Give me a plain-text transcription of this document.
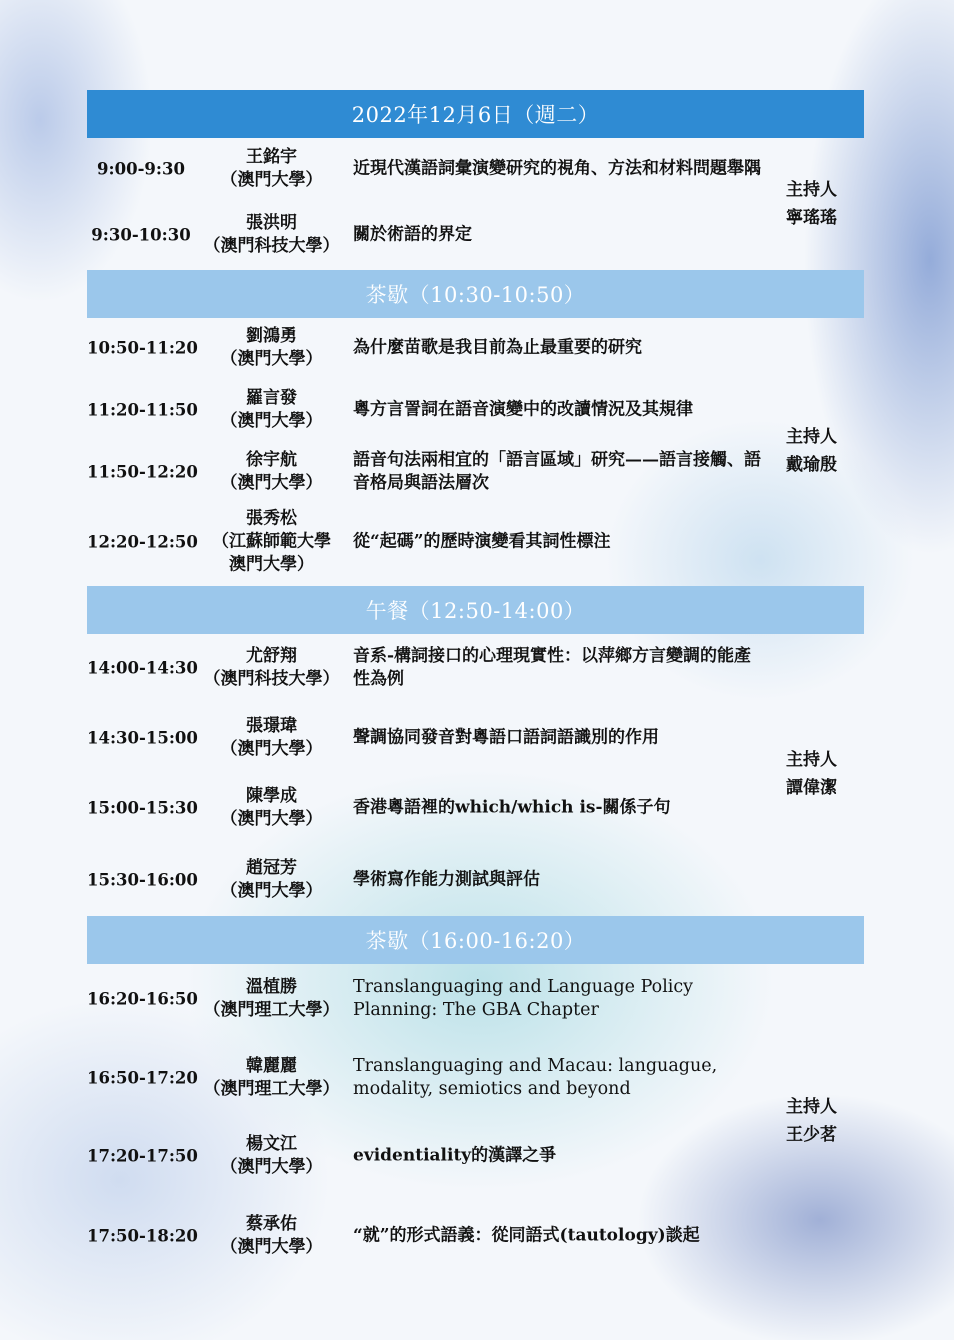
2022年12月6日（週二）
9:00-9:30
王銘宇
（澳門大學）
近現代漢語詞彙演變研究的視角、方法和材料問題舉隅
9:30-10:30
張洪明
（澳門科技大學）
關於術語的界定
主持人
寧瑤瑤
茶歇（10:30-10:50）
10:50-11:20
劉鴻勇
（澳門大學）
為什麼苗歌是我目前為止最重要的研究
11:20-11:50
羅言發
（澳門大學）
粵方言詈詞在語音演變中的改讀情況及其規律
11:50-12:20
徐宇航
（澳門大學）
語音句法兩相宜的「語言區域」研究——語言接觸、語音格局與語法層次
12:20-12:50
張秀松
（江蘇師範大學
澳門大學）
從“起碼”的歷時演變看其詞性標注
主持人
戴瑜殷
午餐（12:50-14:00）
14:00-14:30
尤舒翔
（澳門科技大學）
音系-構詞接口的心理現實性：以萍鄉方言變調的能產性為例
14:30-15:00
張璟瑋
（澳門大學）
聲調協同發音對粵語口語詞語識別的作用
15:00-15:30
陳學成
（澳門大學）
香港粵語裡的which/which is-關係子句
15:30-16:00
趙冠芳
（澳門大學）
學術寫作能力測試與評估
主持人
譚偉潔
茶歇（16:00-16:20）
16:20-16:50
溫植勝
（澳門理工大學）
Translanguaging and Language Policy Planning: The GBA Chapter
16:50-17:20
韓麗麗
（澳門理工大學）
Translanguaging and Macau: languague, modality, semiotics and beyond
17:20-17:50
楊文江
（澳門大學）
evidentiality的漢譯之爭
17:50-18:20
蔡承佑
（澳門大學）
“就”的形式語義：從同語式(tautology)談起
主持人
王少茗
